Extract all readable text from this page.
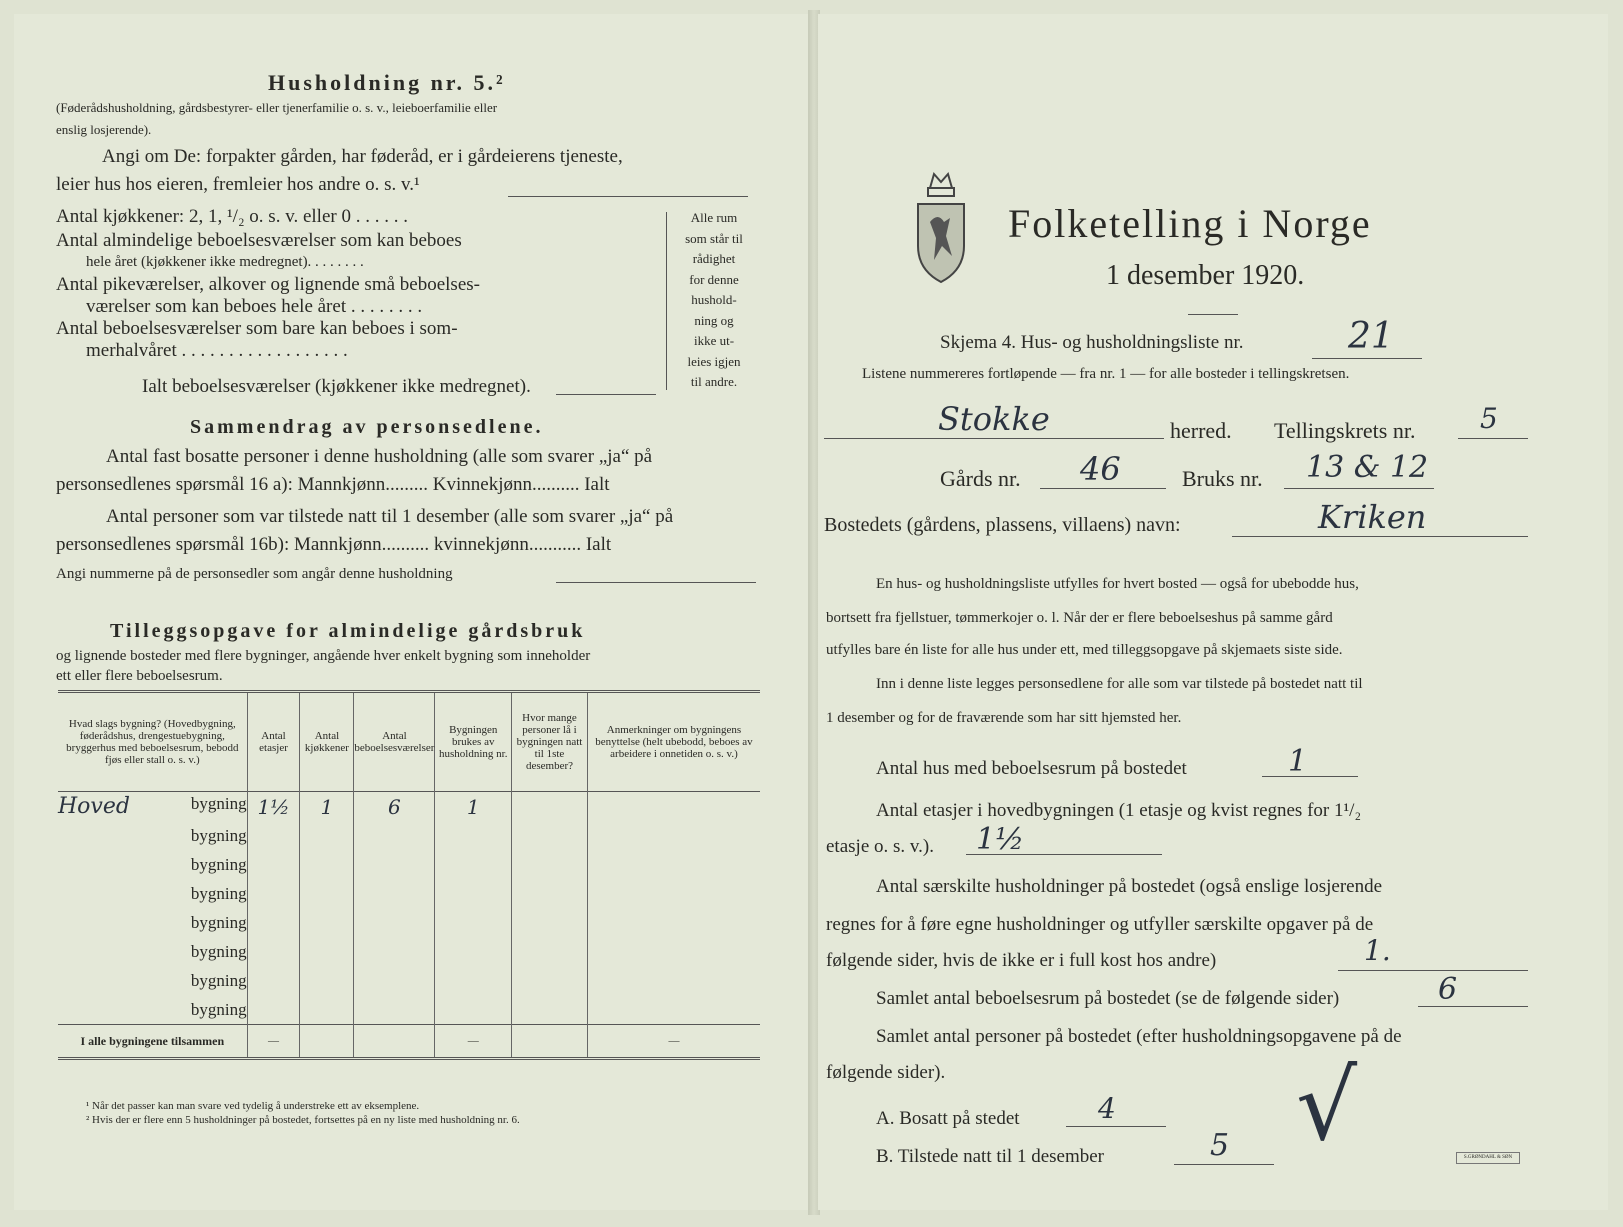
Husholdning nr. 5.²
(Føderådshusholdning, gårdsbestyrer- eller tjenerfamilie o. s. v., leieboerfamilie eller
enslig losjerende).
Angi om De: forpakter gården, har føderåd, er i gårdeierens tjeneste,
leier hus hos eieren, fremleier hos andre o. s. v.¹
Antal kjøkkener: 2, 1, ¹/₂ o. s. v. eller 0 . . . . . .
Antal almindelige beboelsesværelser som kan beboes
hele året (kjøkkener ikke medregnet). . . . . . . .
Antal pikeværelser, alkover og lignende små beboelses-
værelser som kan beboes hele året . . . . . . . .
Antal beboelsesværelser som bare kan beboes i som-
merhalvåret . . . . . . . . . . . . . . . . . .
Ialt beboelsesværelser (kjøkkener ikke medregnet).
Alle rum
som står til
rådighet
for denne
hushold-
ning og
ikke ut-
leies igjen
til andre.
Sammendrag av personsedlene.
Antal fast bosatte personer i denne husholdning (alle som svarer „ja“ på
personsedlenes spørsmål 16 a): Mannkjønn......... Kvinnekjønn.......... Ialt
Antal personer som var tilstede natt til 1 desember (alle som svarer „ja“ på
personsedlenes spørsmål 16b): Mannkjønn.......... kvinnekjønn........... Ialt
Angi nummerne på de personsedler som angår denne husholdning
Tilleggsopgave for almindelige gårdsbruk
og lignende bosteder med flere bygninger, angående hver enkelt bygning som inneholder
ett eller flere beboelsesrum.
Hvad slags bygning? (Hovedbygning, føderådshus, drengestuebygning, bryggerhus med beboelsesrum, bebodd fjøs eller stall o. s. v.)	Antal etasjer	Antal kjøkkener	Antal beboelsesværelser	Bygningen brukes av husholdning nr.	Hvor mange personer lå i bygningen natt til 1ste desember?	Anmerkninger om bygningens benyttelse (helt ubebodd, beboes av arbeidere i onnetiden o. s. v.)
Hoved bygning	1½	1	6	1		
bygning						
bygning						
bygning						
bygning						
bygning						
bygning						
bygning						
I alle bygningene tilsammen	—			—		—
¹ Når det passer kan man svare ved tydelig å understreke ett av eksemplene.
² Hvis der er flere enn 5 husholdninger på bostedet, fortsettes på en ny liste med husholdning nr. 6.
Folketelling i Norge
1 desember 1920.
Skjema 4. Hus- og husholdningsliste nr.	21
Listene nummereres fortløpende — fra nr. 1 — for alle bosteder i tellingskretsen.
Stokke	herred. Tellingskrets nr. 5
Gårds nr. 46	Bruks nr. 13 & 12
Bostedets (gårdens, plassens, villaens) navn:	Kriken
En hus- og husholdningsliste utfylles for hvert bosted — også for ubebodde hus,
bortsett fra fjellstuer, tømmerkojer o. l. Når der er flere beboelseshus på samme gård
utfylles bare én liste for alle hus under ett, med tilleggsopgave på skjemaets siste side.
Inn i denne liste legges personsedlene for alle som var tilstede på bostedet natt til
1 desember og for de fraværende som har sitt hjemsted her.
Antal hus med beboelsesrum på bostedet	1
Antal etasjer i hovedbygningen (1 etasje og kvist regnes for 1¹/₂
etasje o. s. v.). 1½
Antal særskilte husholdninger på bostedet (også enslige losjerende
regnes for å føre egne husholdninger og utfyller særskilte opgaver på de
følgende sider, hvis de ikke er i full kost hos andre)	1.
Samlet antal beboelsesrum på bostedet (se de følgende sider)	6
Samlet antal personer på bostedet (efter husholdningsopgavene på de
følgende sider).
A. Bosatt på stedet	4
B. Tilstede natt til 1 desember	5 √	S.GRØNDAHL & SØN
